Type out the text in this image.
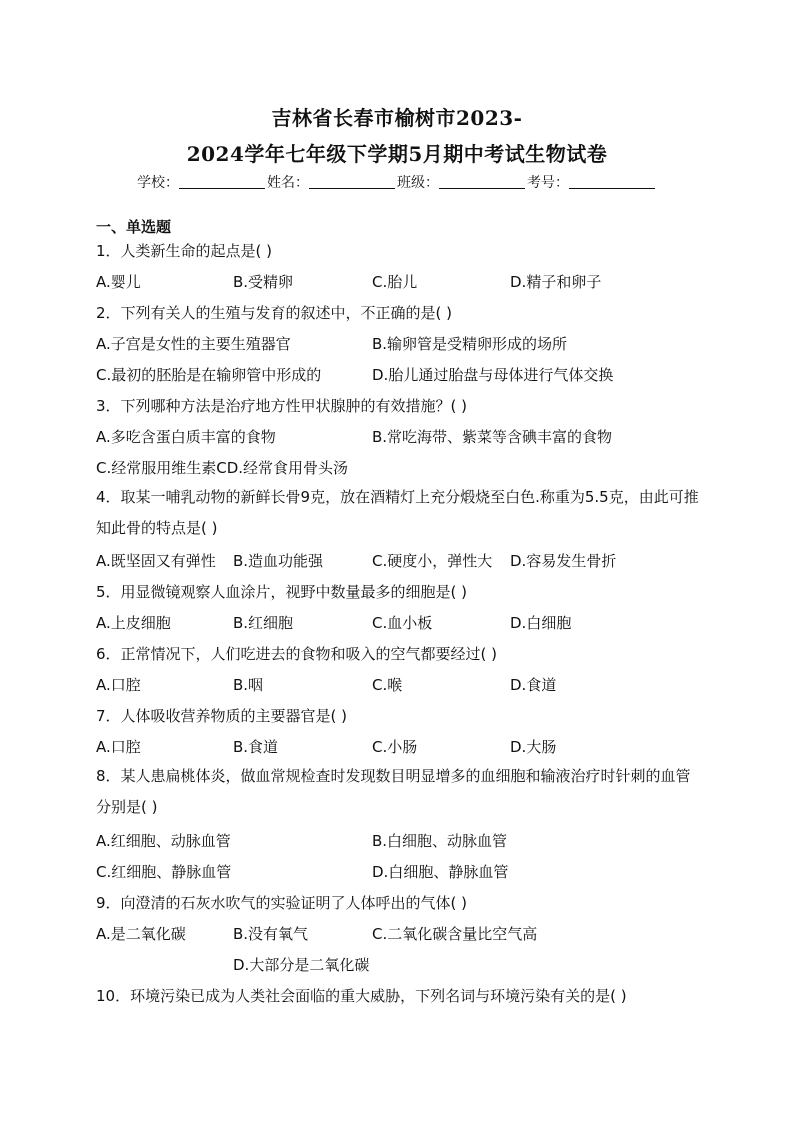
吉林省长春市榆树市2023-
2024学年七年级下学期5月期中考试生物试卷
学校：	姓名：	班级：	考号：
一、单选题
1．人类新生命的起点是( )
A.婴儿	B.受精卵	C.胎儿	D.精子和卵子
2．下列有关人的生殖与发育的叙述中，不正确的是( )
A.子宫是女性的主要生殖器官	B.输卵管是受精卵形成的场所
C.最初的胚胎是在输卵管中形成的	D.胎儿通过胎盘与母体进行气体交换
3．下列哪种方法是治疗地方性甲状腺肿的有效措施？( )
A.多吃含蛋白质丰富的食物	B.常吃海带、紫菜等含碘丰富的食物
C.经常服用维生素CD.经常食用骨头汤
4．取某一哺乳动物的新鲜长骨9克，放在酒精灯上充分煅烧至白色.称重为5.5克，由此可推知此骨的特点是( )
A.既坚固又有弹性 B.造血功能强	C.硬度小，弹性大 D.容易发生骨折
5．用显微镜观察人血涂片，视野中数量最多的细胞是( )
A.上皮细胞	B.红细胞	C.血小板	D.白细胞
6．正常情况下，人们吃进去的食物和吸入的空气都要经过( )
A.口腔	B.咽	C.喉	D.食道
7．人体吸收营养物质的主要器官是( )
A.口腔	B.食道	C.小肠	D.大肠
8．某人患扁桃体炎，做血常规检查时发现数目明显增多的血细胞和输液治疗时针刺的血管分别是( )
A.红细胞、动脉血管	B.白细胞、动脉血管
C.红细胞、静脉血管	D.白细胞、静脉血管
9．向澄清的石灰水吹气的实验证明了人体呼出的气体( )
A.是二氧化碳	B.没有氧气	C.二氧化碳含量比空气高
D.大部分是二氧化碳
10．环境污染已成为人类社会面临的重大威胁，下列名词与环境污染有关的是( )
